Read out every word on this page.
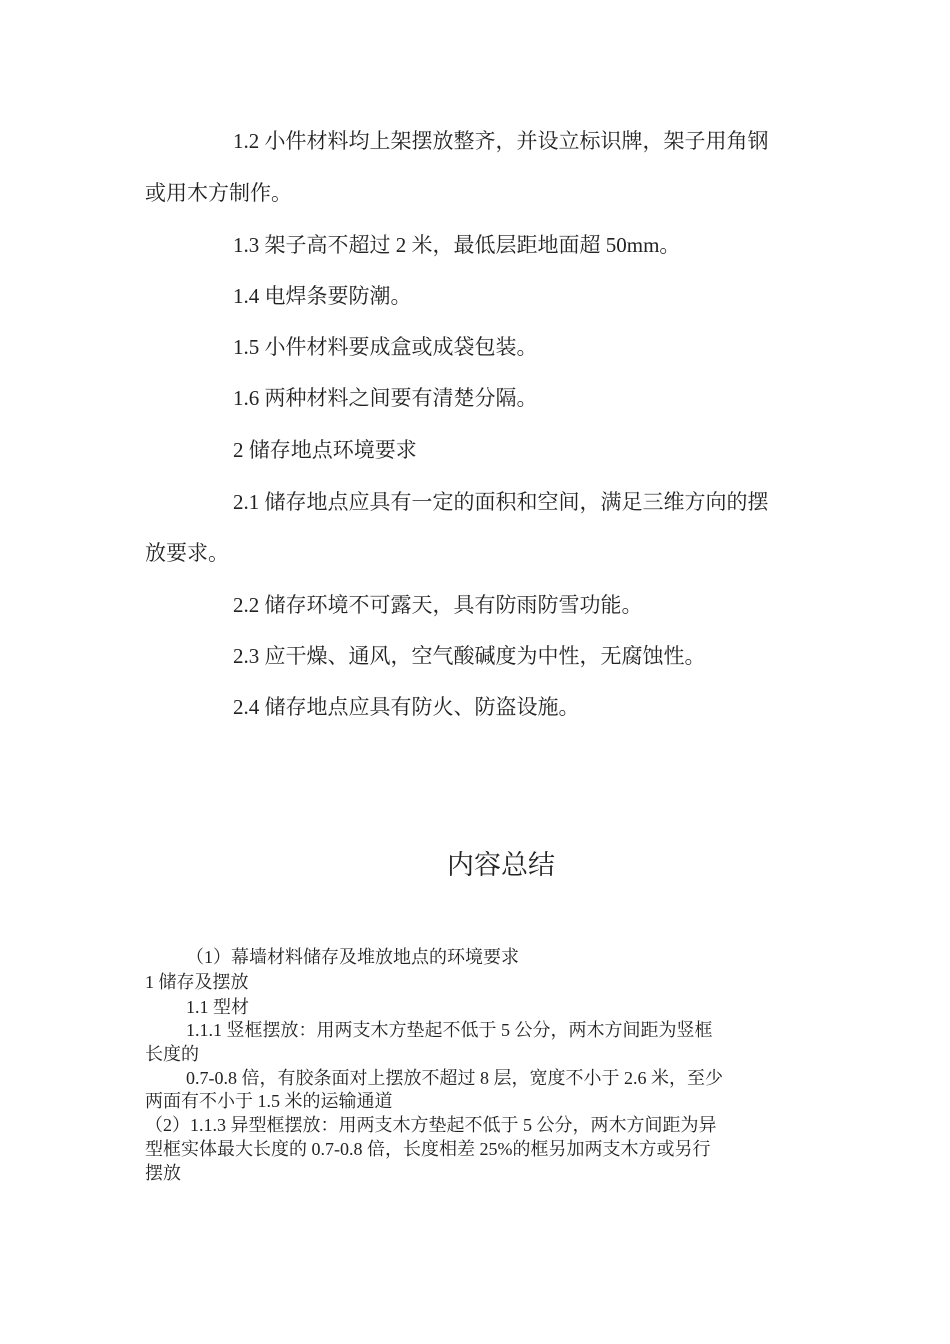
1.2 小件材料均上架摆放整齐，并设立标识牌，架子用角钢

或用木方制作。

1.3 架子高不超过 2 米，最低层距地面超 50mm。

1.4 电焊条要防潮。

1.5 小件材料要成盒或成袋包装。

1.6 两种材料之间要有清楚分隔。

2 储存地点环境要求

2.1 储存地点应具有一定的面积和空间，满足三维方向的摆

放要求。

2.2 储存环境不可露天，具有防雨防雪功能。

2.3 应干燥、通风，空气酸碱度为中性，无腐蚀性。

2.4 储存地点应具有防火、防盗设施。

内容总结

（1）幕墙材料储存及堆放地点的环境要求

1 储存及摆放

1.1 型材

1.1.1 竖框摆放：用两支木方垫起不低于 5 公分，两木方间距为竖框

长度的

0.7-0.8 倍，有胶条面对上摆放不超过 8 层，宽度不小于 2.6 米，至少

两面有不小于 1.5 米的运输通道

（2）1.1.3 异型框摆放：用两支木方垫起不低于 5 公分，两木方间距为异

型框实体最大长度的 0.7-0.8 倍，长度相差 25%的框另加两支木方或另行

摆放
